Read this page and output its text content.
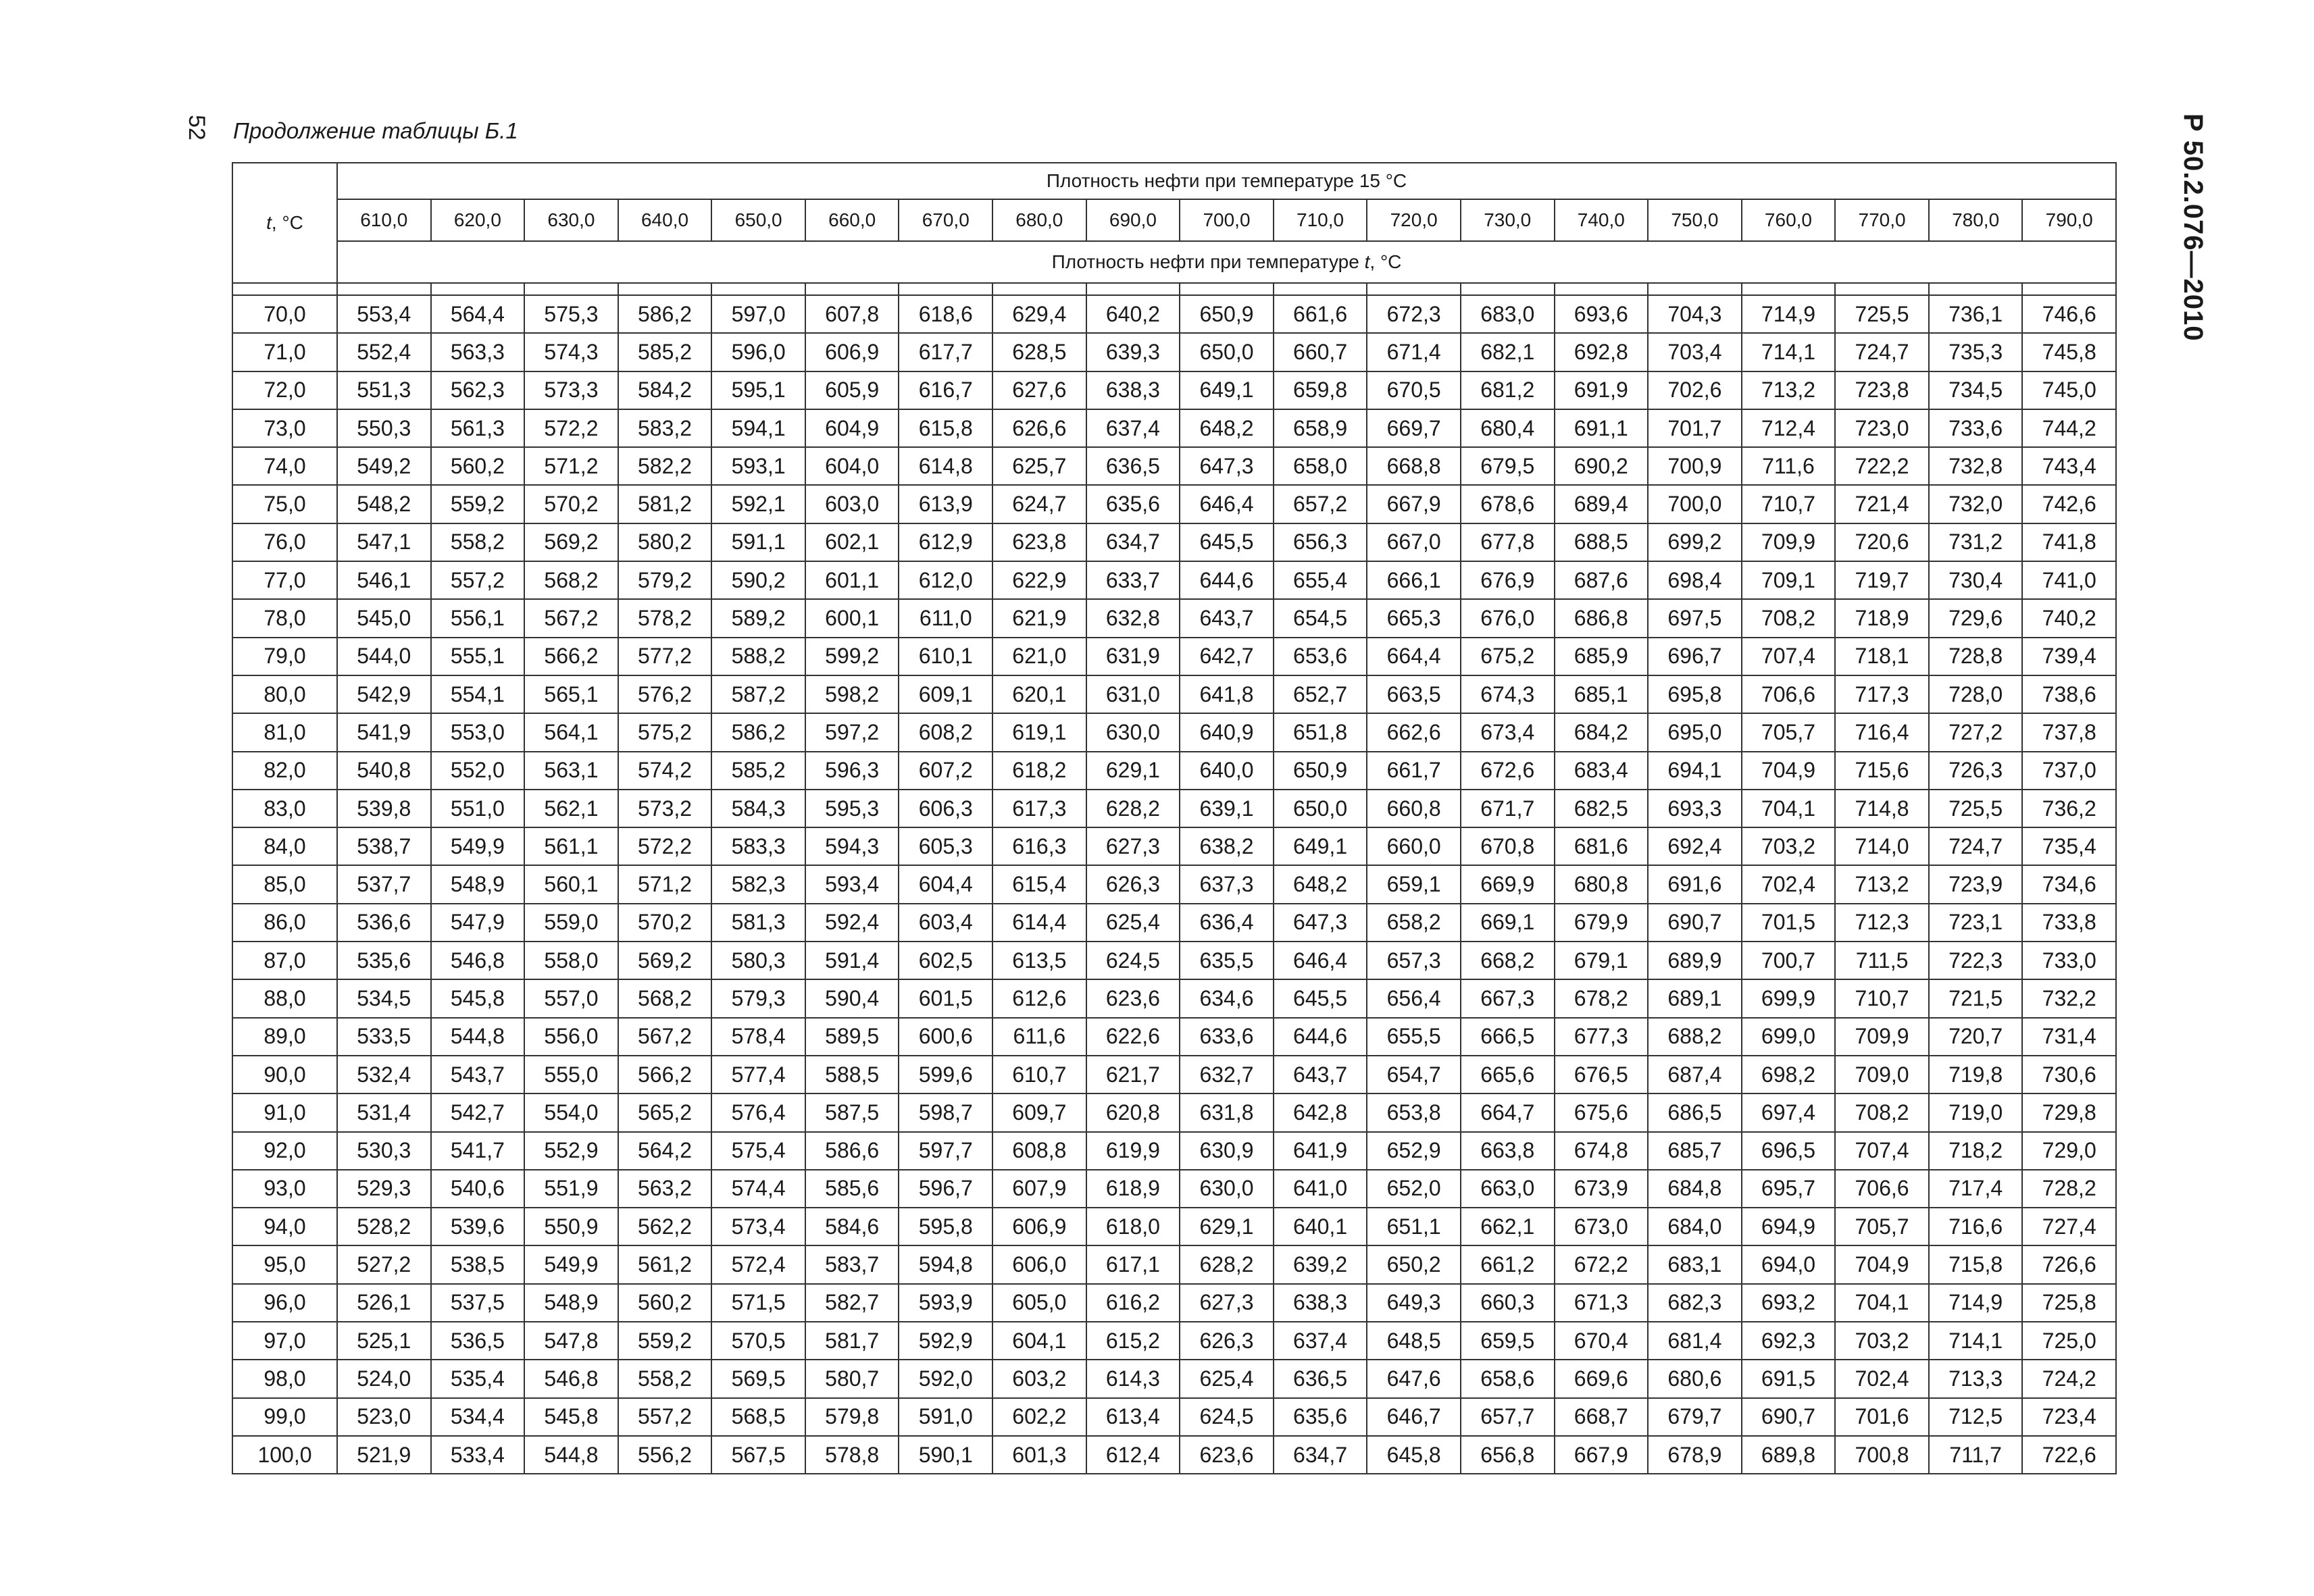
52 Продолжение таблицы Б.1	Р 50.2.076—2010
t, °C	Плотность нефти при температуре 15 °C																		
	610,0	620,0	630,0	640,0	650,0	660,0	670,0	680,0	690,0	700,0	710,0	720,0	730,0	740,0	750,0	760,0	770,0	780,0	790,0
	Плотность нефти при температуре t, °C																		

70,0	553,4	564,4	575,3	586,2	597,0	607,8	618,6	629,4	640,2	650,9	661,6	672,3	683,0	693,6	704,3	714,9	725,5	736,1	746,6
71,0	552,4	563,3	574,3	585,2	596,0	606,9	617,7	628,5	639,3	650,0	660,7	671,4	682,1	692,8	703,4	714,1	724,7	735,3	745,8
72,0	551,3	562,3	573,3	584,2	595,1	605,9	616,7	627,6	638,3	649,1	659,8	670,5	681,2	691,9	702,6	713,2	723,8	734,5	745,0
73,0	550,3	561,3	572,2	583,2	594,1	604,9	615,8	626,6	637,4	648,2	658,9	669,7	680,4	691,1	701,7	712,4	723,0	733,6	744,2
74,0	549,2	560,2	571,2	582,2	593,1	604,0	614,8	625,7	636,5	647,3	658,0	668,8	679,5	690,2	700,9	711,6	722,2	732,8	743,4
75,0	548,2	559,2	570,2	581,2	592,1	603,0	613,9	624,7	635,6	646,4	657,2	667,9	678,6	689,4	700,0	710,7	721,4	732,0	742,6
76,0	547,1	558,2	569,2	580,2	591,1	602,1	612,9	623,8	634,7	645,5	656,3	667,0	677,8	688,5	699,2	709,9	720,6	731,2	741,8
77,0	546,1	557,2	568,2	579,2	590,2	601,1	612,0	622,9	633,7	644,6	655,4	666,1	676,9	687,6	698,4	709,1	719,7	730,4	741,0
78,0	545,0	556,1	567,2	578,2	589,2	600,1	611,0	621,9	632,8	643,7	654,5	665,3	676,0	686,8	697,5	708,2	718,9	729,6	740,2
79,0	544,0	555,1	566,2	577,2	588,2	599,2	610,1	621,0	631,9	642,7	653,6	664,4	675,2	685,9	696,7	707,4	718,1	728,8	739,4
80,0	542,9	554,1	565,1	576,2	587,2	598,2	609,1	620,1	631,0	641,8	652,7	663,5	674,3	685,1	695,8	706,6	717,3	728,0	738,6
81,0	541,9	553,0	564,1	575,2	586,2	597,2	608,2	619,1	630,0	640,9	651,8	662,6	673,4	684,2	695,0	705,7	716,4	727,2	737,8
82,0	540,8	552,0	563,1	574,2	585,2	596,3	607,2	618,2	629,1	640,0	650,9	661,7	672,6	683,4	694,1	704,9	715,6	726,3	737,0
83,0	539,8	551,0	562,1	573,2	584,3	595,3	606,3	617,3	628,2	639,1	650,0	660,8	671,7	682,5	693,3	704,1	714,8	725,5	736,2
84,0	538,7	549,9	561,1	572,2	583,3	594,3	605,3	616,3	627,3	638,2	649,1	660,0	670,8	681,6	692,4	703,2	714,0	724,7	735,4
85,0	537,7	548,9	560,1	571,2	582,3	593,4	604,4	615,4	626,3	637,3	648,2	659,1	669,9	680,8	691,6	702,4	713,2	723,9	734,6
86,0	536,6	547,9	559,0	570,2	581,3	592,4	603,4	614,4	625,4	636,4	647,3	658,2	669,1	679,9	690,7	701,5	712,3	723,1	733,8
87,0	535,6	546,8	558,0	569,2	580,3	591,4	602,5	613,5	624,5	635,5	646,4	657,3	668,2	679,1	689,9	700,7	711,5	722,3	733,0
88,0	534,5	545,8	557,0	568,2	579,3	590,4	601,5	612,6	623,6	634,6	645,5	656,4	667,3	678,2	689,1	699,9	710,7	721,5	732,2
89,0	533,5	544,8	556,0	567,2	578,4	589,5	600,6	611,6	622,6	633,6	644,6	655,5	666,5	677,3	688,2	699,0	709,9	720,7	731,4
90,0	532,4	543,7	555,0	566,2	577,4	588,5	599,6	610,7	621,7	632,7	643,7	654,7	665,6	676,5	687,4	698,2	709,0	719,8	730,6
91,0	531,4	542,7	554,0	565,2	576,4	587,5	598,7	609,7	620,8	631,8	642,8	653,8	664,7	675,6	686,5	697,4	708,2	719,0	729,8
92,0	530,3	541,7	552,9	564,2	575,4	586,6	597,7	608,8	619,9	630,9	641,9	652,9	663,8	674,8	685,7	696,5	707,4	718,2	729,0
93,0	529,3	540,6	551,9	563,2	574,4	585,6	596,7	607,9	618,9	630,0	641,0	652,0	663,0	673,9	684,8	695,7	706,6	717,4	728,2
94,0	528,2	539,6	550,9	562,2	573,4	584,6	595,8	606,9	618,0	629,1	640,1	651,1	662,1	673,0	684,0	694,9	705,7	716,6	727,4
95,0	527,2	538,5	549,9	561,2	572,4	583,7	594,8	606,0	617,1	628,2	639,2	650,2	661,2	672,2	683,1	694,0	704,9	715,8	726,6
96,0	526,1	537,5	548,9	560,2	571,5	582,7	593,9	605,0	616,2	627,3	638,3	649,3	660,3	671,3	682,3	693,2	704,1	714,9	725,8
97,0	525,1	536,5	547,8	559,2	570,5	581,7	592,9	604,1	615,2	626,3	637,4	648,5	659,5	670,4	681,4	692,3	703,2	714,1	725,0
98,0	524,0	535,4	546,8	558,2	569,5	580,7	592,0	603,2	614,3	625,4	636,5	647,6	658,6	669,6	680,6	691,5	702,4	713,3	724,2
99,0	523,0	534,4	545,8	557,2	568,5	579,8	591,0	602,2	613,4	624,5	635,6	646,7	657,7	668,7	679,7	690,7	701,6	712,5	723,4
100,0	521,9	533,4	544,8	556,2	567,5	578,8	590,1	601,3	612,4	623,6	634,7	645,8	656,8	667,9	678,9	689,8	700,8	711,7	722,6
